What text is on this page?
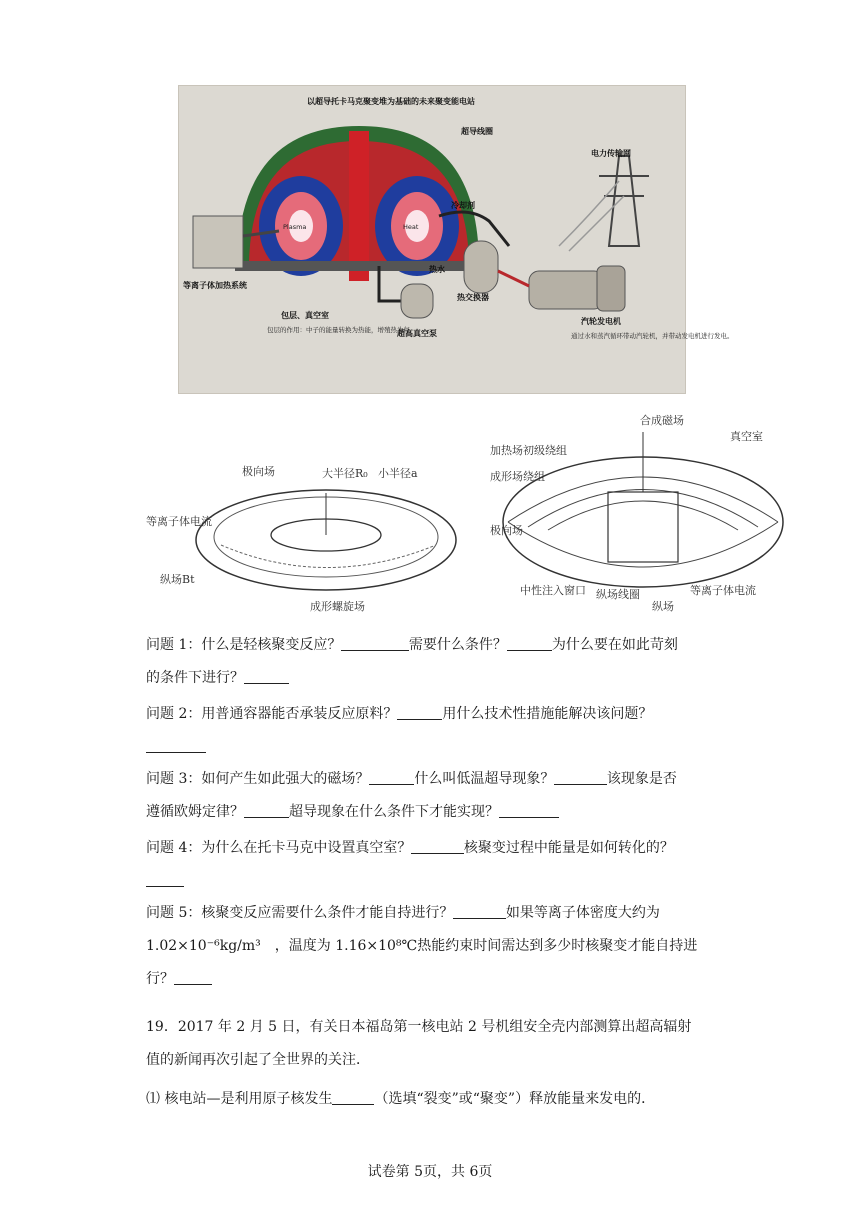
以超导托卡马克聚变堆为基础的未来聚变能电站
超导线圈
电力传输网
冷却剂
等离子体加热系统
包层、真空室
包层的作用：中子的能量转换为热能，增殖热为氚
热水
热交换器
超高真空泵
汽轮发电机
通过水和蒸汽循环带动汽轮机，并带动发电机进行发电。
Plasma	Heat
极向场	大半径R₀ 小半径a
等离子体电流
纵场Bt
成形螺旋场
合成磁场
真空室
加热场初级绕组
成形场绕组
极向场
中性注入窗口 纵场线圈	等离子体电流
纵场
问题 1：什么是轻核聚变反应？	需要什么条件？	为什么要在如此苛刻
的条件下进行？
问题 2：用普通容器能否承装反应原料？	用什么技术性措施能解决该问题？
问题 3：如何产生如此强大的磁场？	什么叫低温超导现象？	该现象是否
遵循欧姆定律？	超导现象在什么条件下才能实现？
问题 4：为什么在托卡马克中设置真空室？	核聚变过程中能量是如何转化的？
问题 5：核聚变反应需要什么条件才能自持进行？	如果等离子体密度大约为
1.02×10⁻⁶kg/m³　，温度为 1.16×10⁸℃热能约束时间需达到多少时核聚变才能自持进
行？
19．2017 年 2 月 5 日，有关日本福岛第一核电站 2 号机组安全壳内部测算出超高辐射
值的新闻再次引起了全世界的关注．
⑴ 核电站—是利用原子核发生	（选填“裂变”或“聚变”）释放能量来发电的．
试卷第 5页，共 6页
